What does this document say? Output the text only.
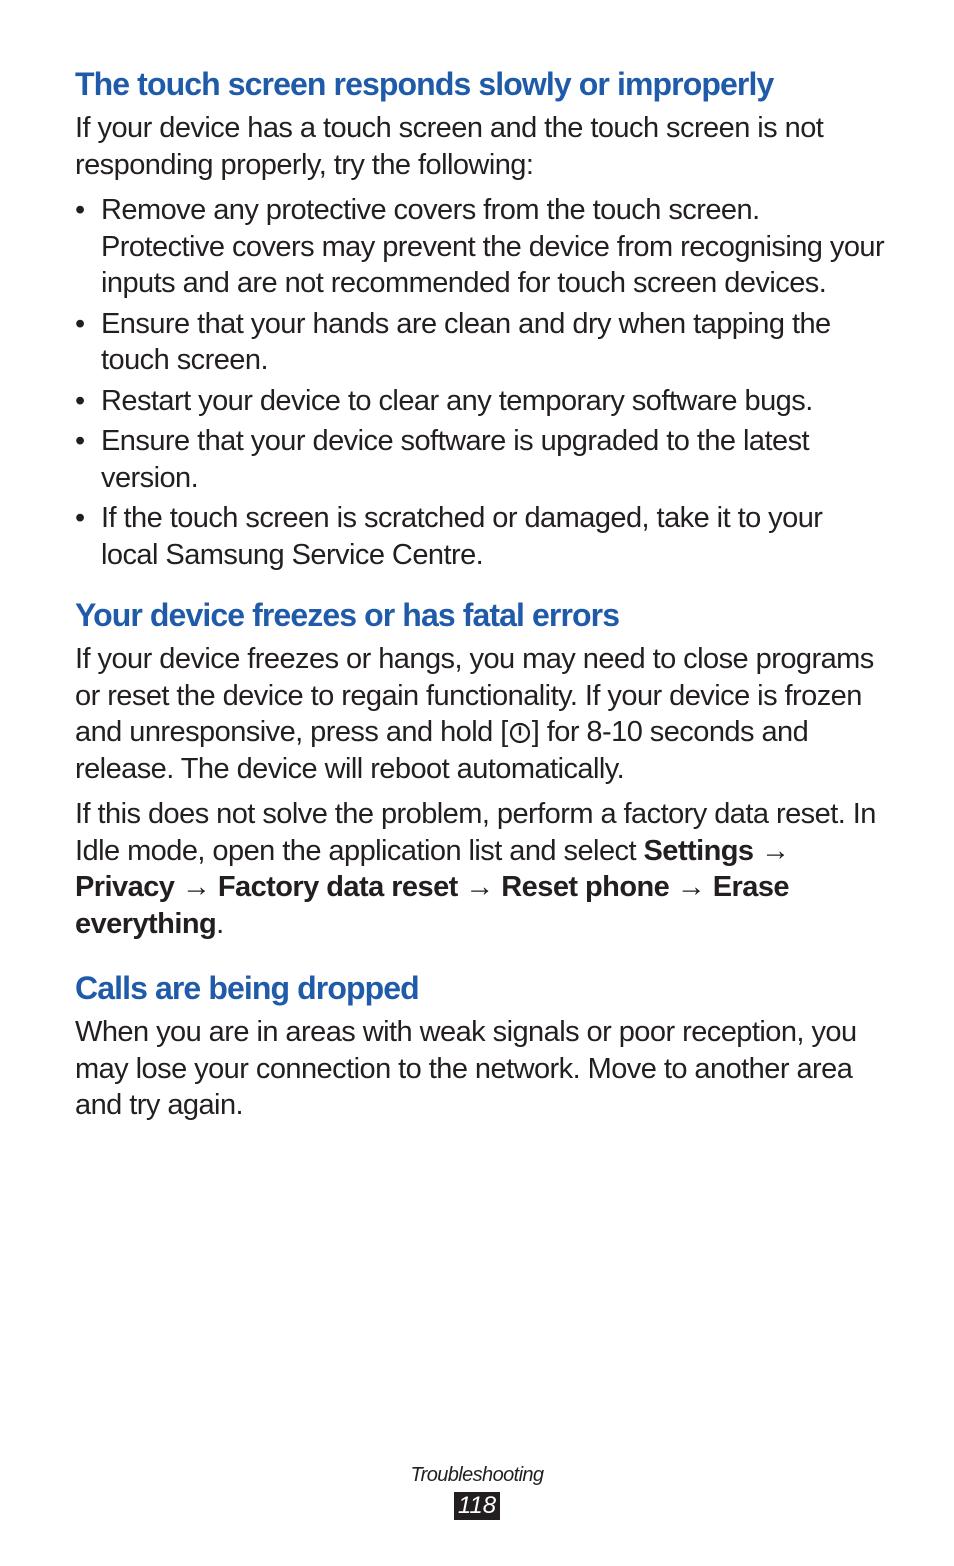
The touch screen responds slowly or improperly

If your device has a touch screen and the touch screen is not responding properly, try the following:

• Remove any protective covers from the touch screen. Protective covers may prevent the device from recognising your inputs and are not recommended for touch screen devices.
• Ensure that your hands are clean and dry when tapping the touch screen.
• Restart your device to clear any temporary software bugs.
• Ensure that your device software is upgraded to the latest version.
• If the touch screen is scratched or damaged, take it to your local Samsung Service Centre.
Your device freezes or has fatal errors

If your device freezes or hangs, you may need to close programs or reset the device to regain functionality. If your device is frozen and unresponsive, press and hold [ ] for 8-10 seconds and release. The device will reboot automatically.

If this does not solve the problem, perform a factory data reset. In Idle mode, open the application list and select Settings → Privacy → Factory data reset → Reset phone → Erase everything.

Calls are being dropped

When you are in areas with weak signals or poor reception, you may lose your connection to the network. Move to another area and try again.

Troubleshooting
118
